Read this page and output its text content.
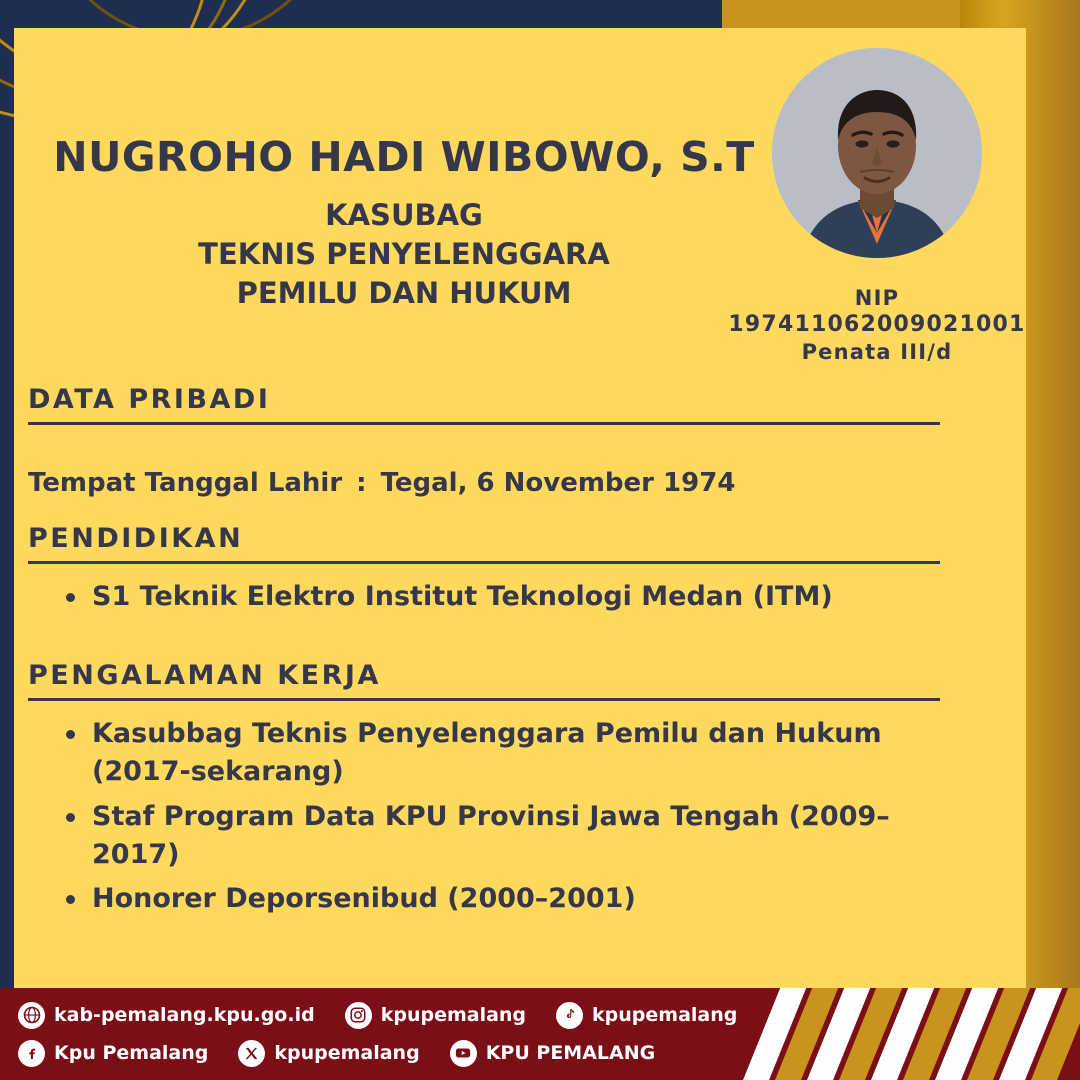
NUGROHO HADI WIBOWO, S.T
KASUBAG
TEKNIS PENYELENGGARA
PEMILU DAN HUKUM	NIP
197411062009021001
Penata III/d
DATA PRIBADI
Tempat Tanggal Lahir : Tegal, 6 November 1974
PENDIDIKAN
S1 Teknik Elektro Institut Teknologi Medan (ITM)
PENGALAMAN KERJA
Kasubbag Teknis Penyelenggara Pemilu dan Hukum (2017-sekarang)
Staf Program Data KPU Provinsi Jawa Tengah (2009–2017)
Honorer Deporsenibud (2000–2001)
kab-pemalang.kpu.go.id	kpupemalang	kpupemalang
Kpu Pemalang	kpupemalang	KPU PEMALANG
